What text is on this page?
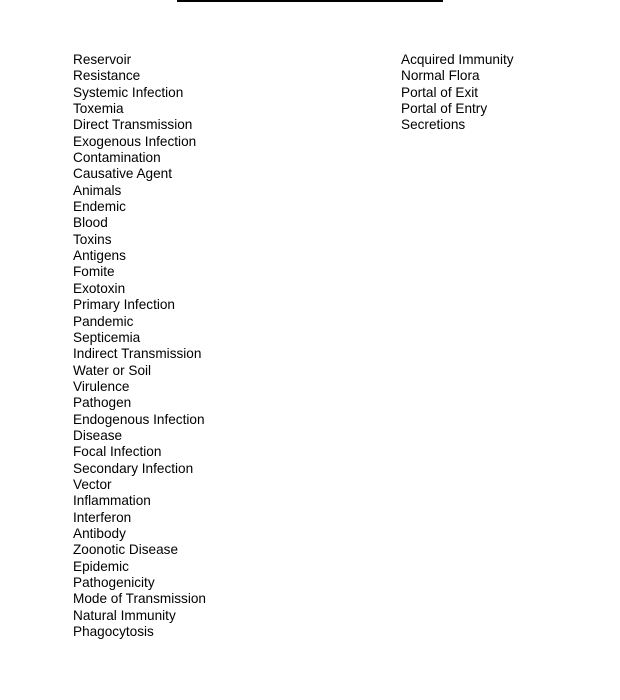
Reservoir
Resistance
Systemic Infection
Toxemia
Direct Transmission
Exogenous Infection
Contamination
Causative Agent
Animals
Endemic
Blood
Toxins
Antigens
Fomite
Exotoxin
Primary Infection
Pandemic
Septicemia
Indirect Transmission
Water or Soil
Virulence
Pathogen
Endogenous Infection
Disease
Focal Infection
Secondary Infection
Vector
Inflammation
Interferon
Antibody
Zoonotic Disease
Epidemic
Pathogenicity
Mode of Transmission
Natural Immunity
Phagocytosis
Acquired Immunity
Normal Flora
Portal of Exit
Portal of Entry
Secretions
